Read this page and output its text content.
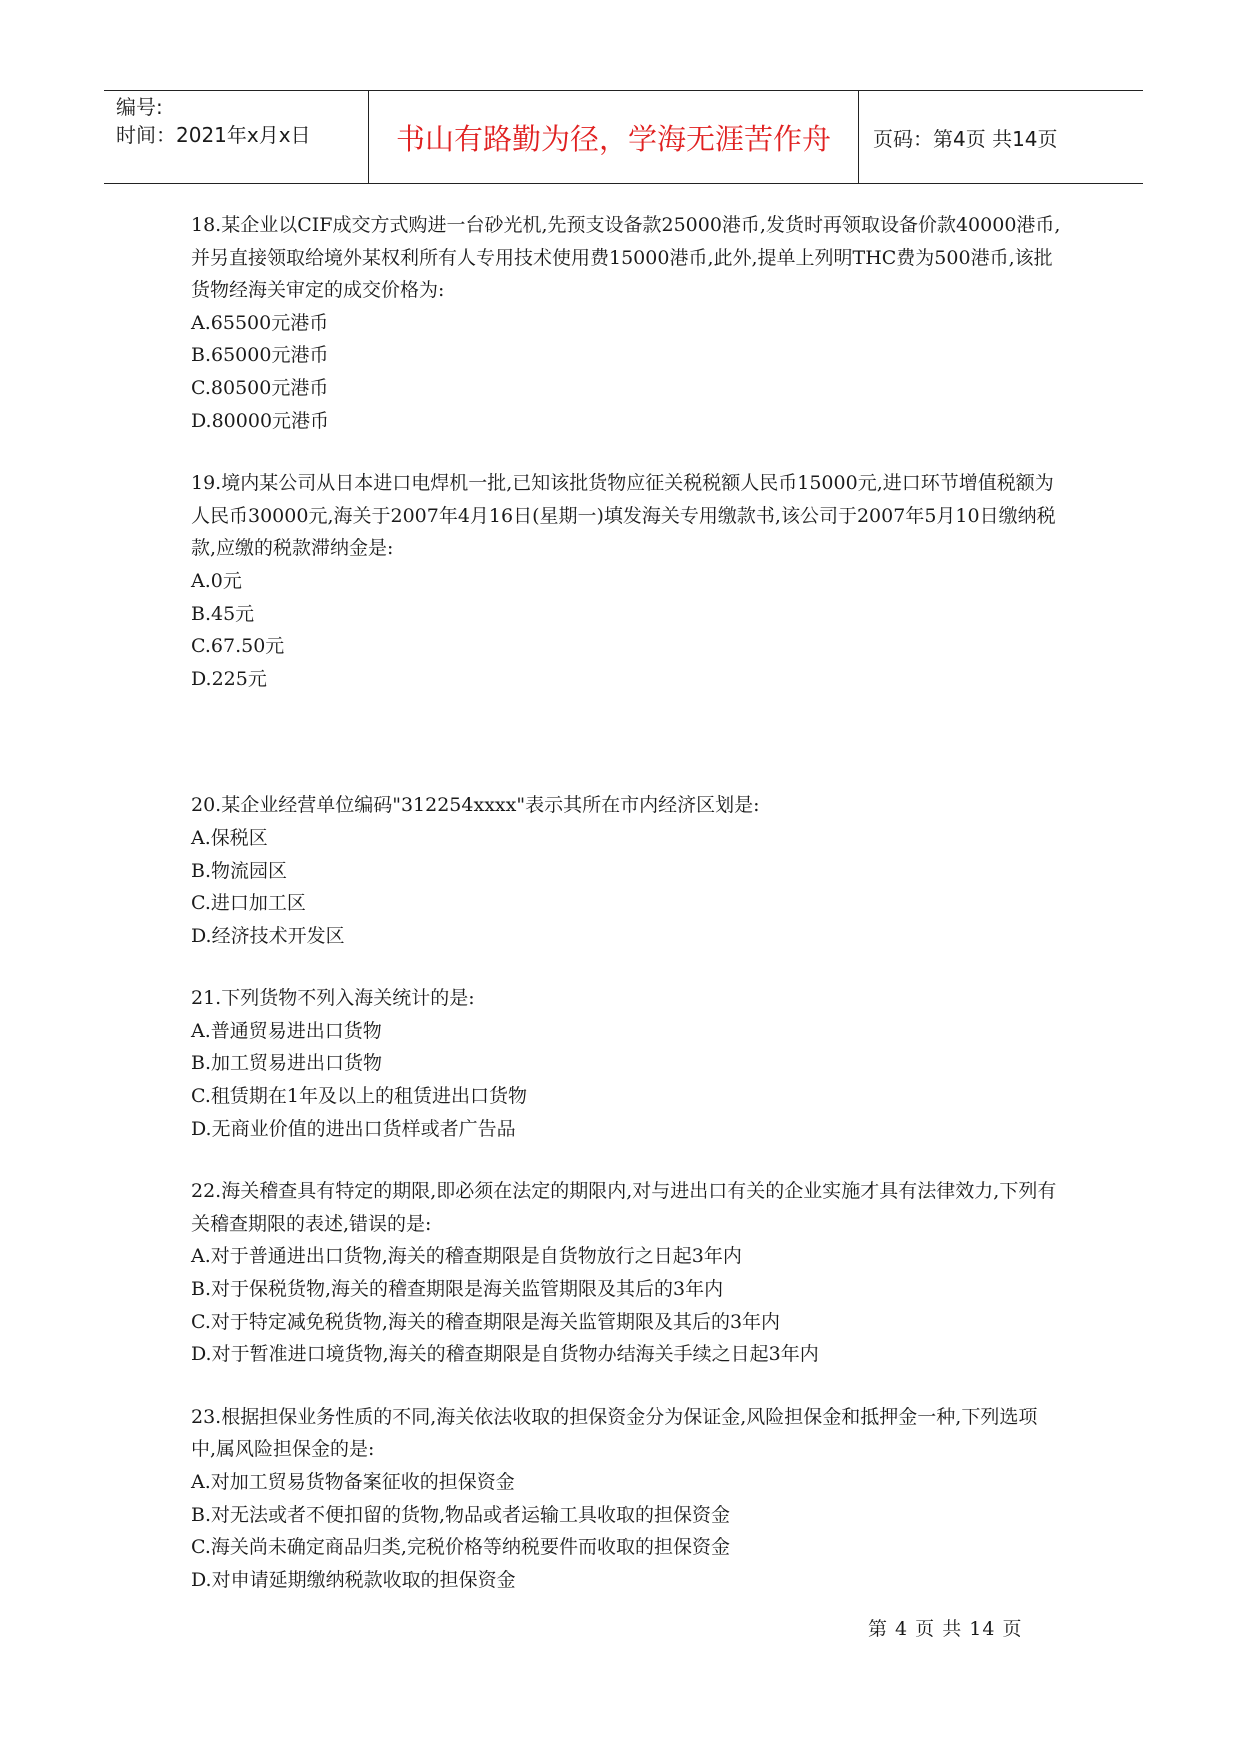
编号:
时间：2021年x月x日	书山有路勤为径，学海无涯苦作舟	页码：第4页 共14页

18.某企业以CIF成交方式购进一台砂光机,先预支设备款25000港币,发货时再领取设备价款40000港币,并另直接领取给境外某权利所有人专用技术使用费15000港币,此外,提单上列明THC费为500港币,该批货物经海关审定的成交价格为:

A.65500元港币

B.65000元港币

C.80500元港币

D.80000元港币

19.境内某公司从日本进口电焊机一批,已知该批货物应征关税税额人民币15000元,进口环节增值税额为人民币30000元,海关于2007年4月16日(星期一)填发海关专用缴款书,该公司于2007年5月10日缴纳税款,应缴的税款滞纳金是:

A.0元

B.45元

C.67.50元

D.225元

20.某企业经营单位编码"312254xxxx"表示其所在市内经济区划是:

A.保税区

B.物流园区

C.进口加工区

D.经济技术开发区

21.下列货物不列入海关统计的是:

A.普通贸易进出口货物

B.加工贸易进出口货物

C.租赁期在1年及以上的租赁进出口货物

D.无商业价值的进出口货样或者广告品

22.海关稽查具有特定的期限,即必须在法定的期限内,对与进出口有关的企业实施才具有法律效力,下列有关稽查期限的表述,错误的是:

A.对于普通进出口货物,海关的稽查期限是自货物放行之日起3年内

B.对于保税货物,海关的稽查期限是海关监管期限及其后的3年内

C.对于特定减免税货物,海关的稽查期限是海关监管期限及其后的3年内

D.对于暂准进口境货物,海关的稽查期限是自货物办结海关手续之日起3年内

23.根据担保业务性质的不同,海关依法收取的担保资金分为保证金,风险担保金和抵押金一种,下列选项中,属风险担保金的是:

A.对加工贸易货物备案征收的担保资金

B.对无法或者不便扣留的货物,物品或者运输工具收取的担保资金

C.海关尚未确定商品归类,完税价格等纳税要件而收取的担保资金

D.对申请延期缴纳税款收取的担保资金

第 4 页 共 14 页
